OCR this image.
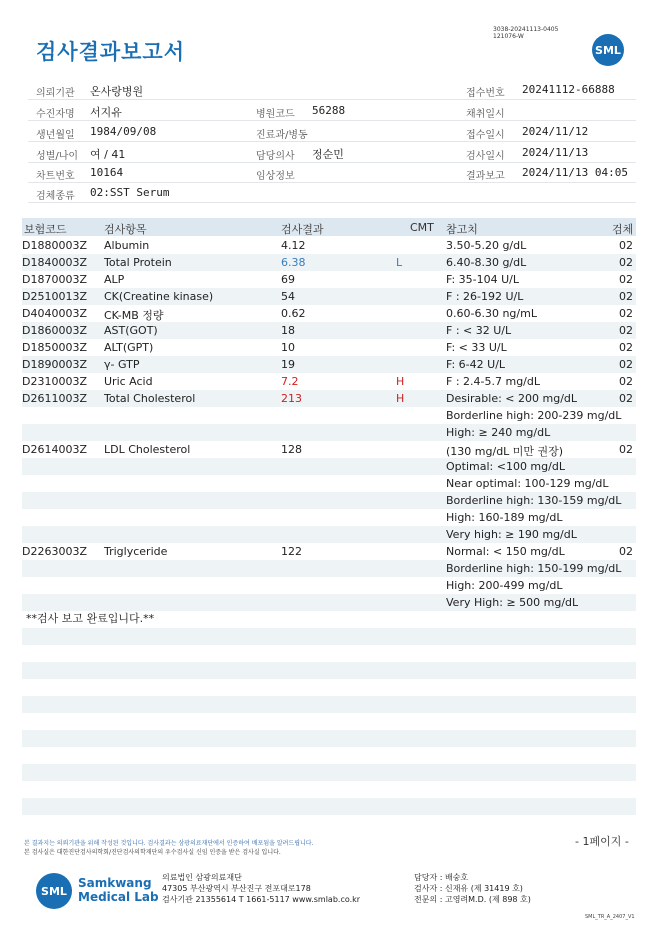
검사결과보고서
3038-20241113-0405
121076-W
SML
의뢰기관 온사랑병원	접수번호 20241112-66888
수진자명 서지유	병원코드 56288	채취일시
생년월일 1984/09/08	진료과/병동	접수일시 2024/11/12
성별/나이 여 / 41	담당의사 정순민	검사일시 2024/11/13
차트번호 10164	임상정보	결과보고 2024/11/13 04:05
검체종류 02:SST Serum
보험코드	검사항목	검사결과	CMT 참고치	검체
D1880003Z Albumin	4.12	3.50-5.20 g/dL	02
D1840003Z Total Protein	6.38	L	6.40-8.30 g/dL	02
D1870003Z ALP	69	F: 35-104 U/L	02
D2510013Z CK(Creatine kinase)	54	F : 26-192 U/L	02
D4040003Z CK-MB 정량	0.62	0.60-6.30 ng/mL	02
D1860003Z AST(GOT)	18	F : < 32 U/L	02
D1850003Z ALT(GPT)	10	F: < 33 U/L	02
D1890003Z γ- GTP	19	F: 6-42 U/L	02
D2310003Z Uric Acid	7.2	H	F : 2.4-5.7 mg/dL	02
D2611003Z Total Cholesterol	213	H	Desirable: < 200 mg/dL	02
Borderline high: 200-239 mg/dL
High: ≥ 240 mg/dL
D2614003Z LDL Cholesterol	128	(130 mg/dL 미만 권장)	02
Optimal: <100 mg/dL
Near optimal: 100-129 mg/dL
Borderline high: 130-159 mg/dL
High: 160-189 mg/dL
Very high: ≥ 190 mg/dL
D2263003Z Triglyceride	122	Normal: < 150 mg/dL	02
Borderline high: 150-199 mg/dL
High: 200-499 mg/dL
Very High: ≥ 500 mg/dL
**검사 보고 완료입니다.**
- 1페이지 -
본 결과지는 의뢰기관을 위해 작성된 것입니다. 검사결과는 삼광의료재단에서 인증하여 배포됨을 알려드립니다.
본 검사실은 대한진단검사의학회/진단검사의학재단의 우수검사실 신임 인증을 받은 검사실 입니다.
SML
Samkwang
Medical Lab
의료법인 삼광의료재단
47305 부산광역시 부산진구 전포대로178
검사기관 21355614 T 1661-5117 www.smlab.co.kr
담당자 : 배숭호
검사자 : 신재유 (제 31419 호)
전문의 : 고영려M.D. (제 898 호)
SML_TR_A_2407_V1
